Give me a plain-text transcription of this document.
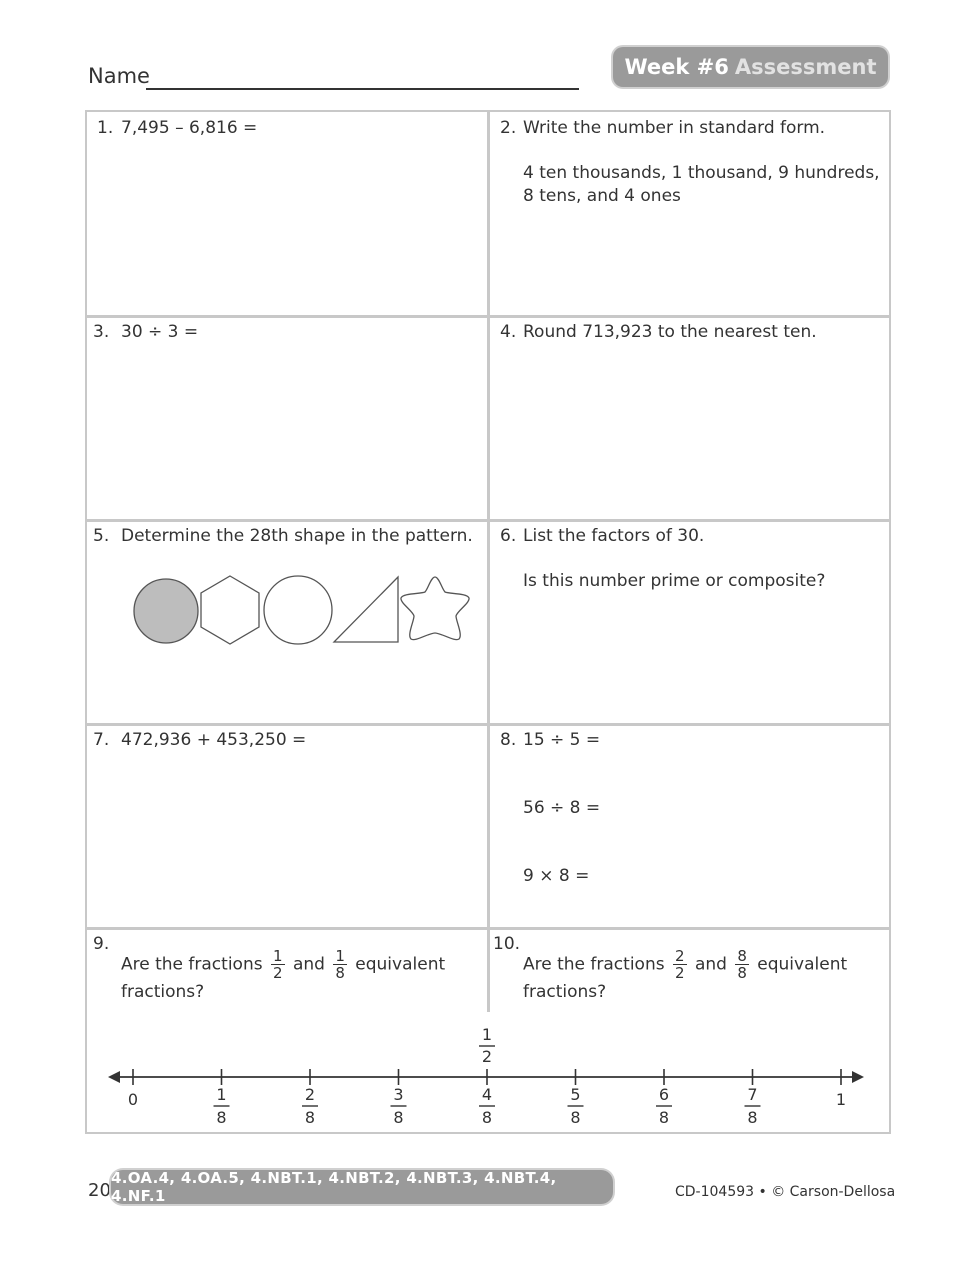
Name	Week #6 Assessment
1. 7,495 – 6,816 =	2. Write the number in standard form.
4 ten thousands, 1 thousand, 9 hundreds,
8 tens, and 4 ones
3. 30 ÷ 3 =	4. Round 713,923 to the nearest ten.
5. Determine the 28th shape in the pattern. 6. List the factors of 30.
Is this number prime or composite?
7. 472,936 + 453,250 =	8. 15 ÷ 5 =
56 ÷ 8 =
9 × 8 =
9.
Are the fractions $\frac{1}{2}$ and $\frac{1}{8}$ equivalent
fractions?
10.
Are the fractions $\frac{2}{2}$ and $\frac{8}{8}$ equivalent
fractions?
1
8
2
8
3
8
4
8
5
8
6
8
7
8
0	1
1
2
20
4.OA.4, 4.OA.5, 4.NBT.1, 4.NBT.2, 4.NBT.3, 4.NBT.4, 4.NF.1	CD-104593 • © Carson-Dellosa
